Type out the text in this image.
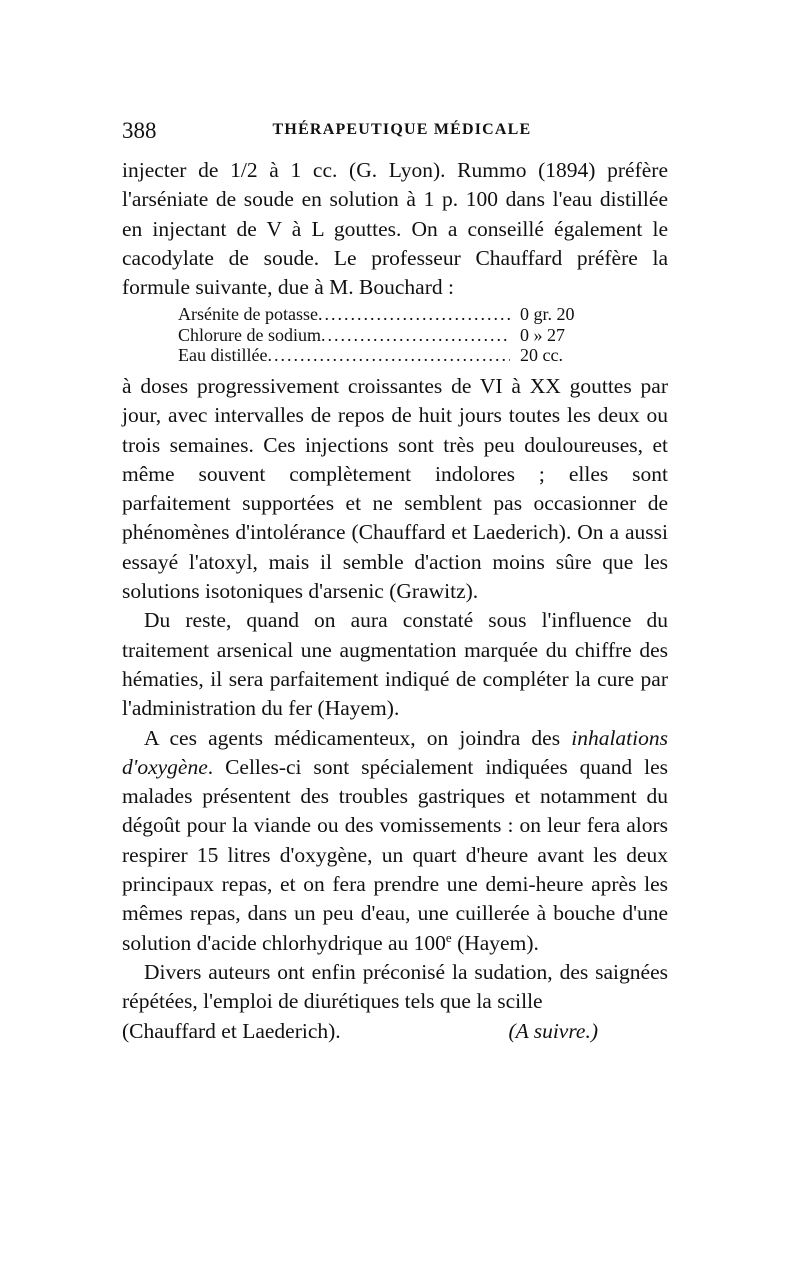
388	THÉRAPEUTIQUE MÉDICALE

injecter de 1/2 à 1 cc. (G. Lyon). Rummo (1894) préfère l'arséniate de soude en solution à 1 p. 100 dans l'eau distillée en injectant de V à L gouttes. On a conseillé également le cacodylate de soude. Le professeur Chauffard préfère la formule suivante, due à M. Bouchard :

Arsénite de potasse .....	0 gr. 20
Chlorure de sodium .....	0 » 27
Eau distillée .....	20 cc.

à doses progressivement croissantes de VI à XX gouttes par jour, avec intervalles de repos de huit jours toutes les deux ou trois semaines. Ces injections sont très peu douloureuses, et même souvent complètement indolores ; elles sont parfaitement supportées et ne semblent pas occasionner de phénomènes d'intolérance (Chauffard et Laederich). On a aussi essayé l'atoxyl, mais il semble d'action moins sûre que les solutions isotoniques d'arsenic (Grawitz).

Du reste, quand on aura constaté sous l'influence du traitement arsenical une augmentation marquée du chiffre des hématies, il sera parfaitement indiqué de compléter la cure par l'administration du fer (Hayem).

A ces agents médicamenteux, on joindra des inhalations d'oxygène. Celles-ci sont spécialement indiquées quand les malades présentent des troubles gastriques et notamment du dégoût pour la viande ou des vomissements : on leur fera alors respirer 15 litres d'oxygène, un quart d'heure avant les deux principaux repas, et on fera prendre une demi-heure après les mêmes repas, dans un peu d'eau, une cuillerée à bouche d'une solution d'acide chlorhydrique au 100e (Hayem).

Divers auteurs ont enfin préconisé la sudation, des saignées répétées, l'emploi de diurétiques tels que la scille

(Chauffard et Laederich).	(A suivre.)
